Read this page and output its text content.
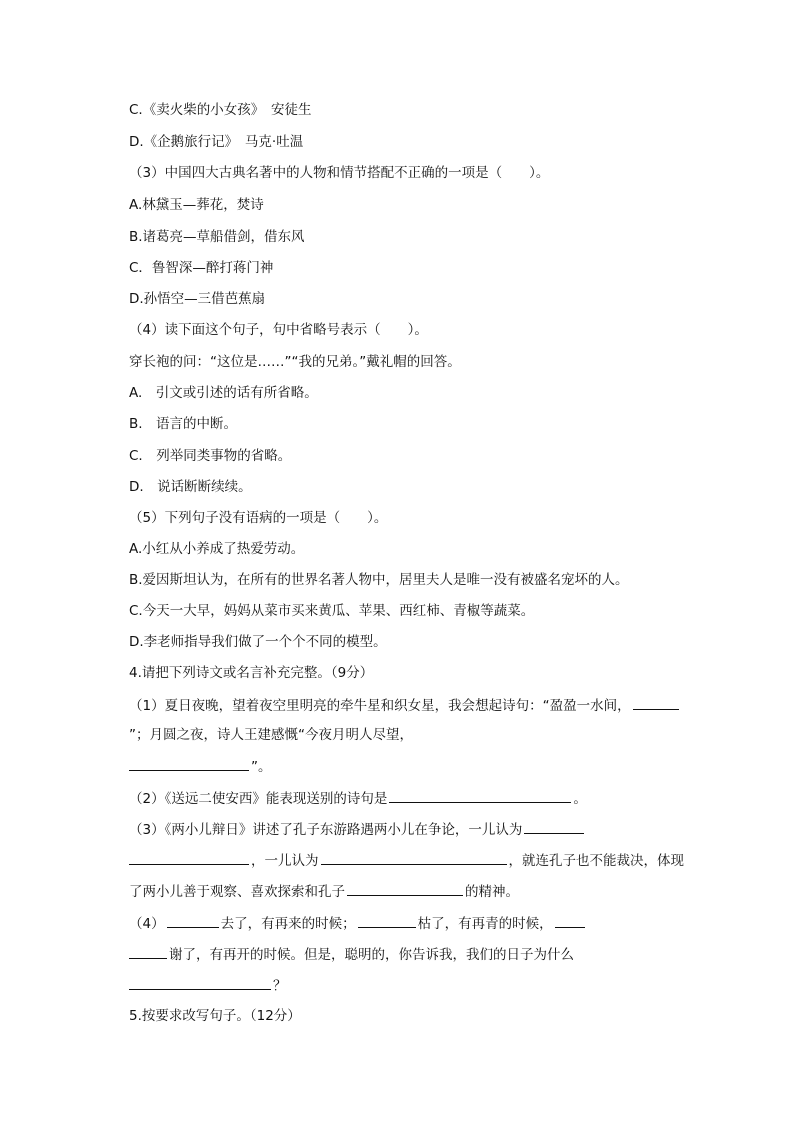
C.《卖火柴的小女孩》　安徒生
D.《企鹅旅行记》　马克·吐温
（3）中国四大古典名著中的人物和情节搭配不正确的一项是（　　）。
A.林黛玉—葬花，焚诗
B.诸葛亮—草船借剑，借东风
C．鲁智深—醉打蒋门神
D.孙悟空—三借芭蕉扇
（4）读下面这个句子，句中省略号表示（　　）。
穿长袍的问：“这位是……”“我的兄弟。”戴礼帽的回答。
A.　引文或引述的话有所省略。
B.　语言的中断。
C.　列举同类事物的省略。
D.　说话断断续续。
（5）下列句子没有语病的一项是（　　）。
A.小红从小养成了热爱劳动。
B.爱因斯坦认为，在所有的世界名著人物中，居里夫人是唯一没有被盛名宠坏的人。
C.今天一大早，妈妈从菜市买来黄瓜、苹果、西红柿、青椒等蔬菜。
D.李老师指导我们做了一个个不同的模型。
4.请把下列诗文或名言补充完整。（9分）
（1）夏日夜晚，望着夜空里明亮的牵牛星和织女星，我会想起诗句：“盈盈一水间，
”；月圆之夜，诗人王建感慨“今夜月明人尽望，
”。
（2）《送远二使安西》能表现送别的诗句是	。
（3）《两小儿辩日》讲述了孔子东游路遇两小儿在争论，一儿认为
，一儿认为	，就连孔子也不能裁决，体现
了两小儿善于观察、喜欢探索和孔子	的精神。
（4）	去了，有再来的时候；	枯了，有再青的时候，
谢了，有再开的时候。但是，聪明的，你告诉我，我们的日子为什么
？
5.按要求改写句子。（12分）
